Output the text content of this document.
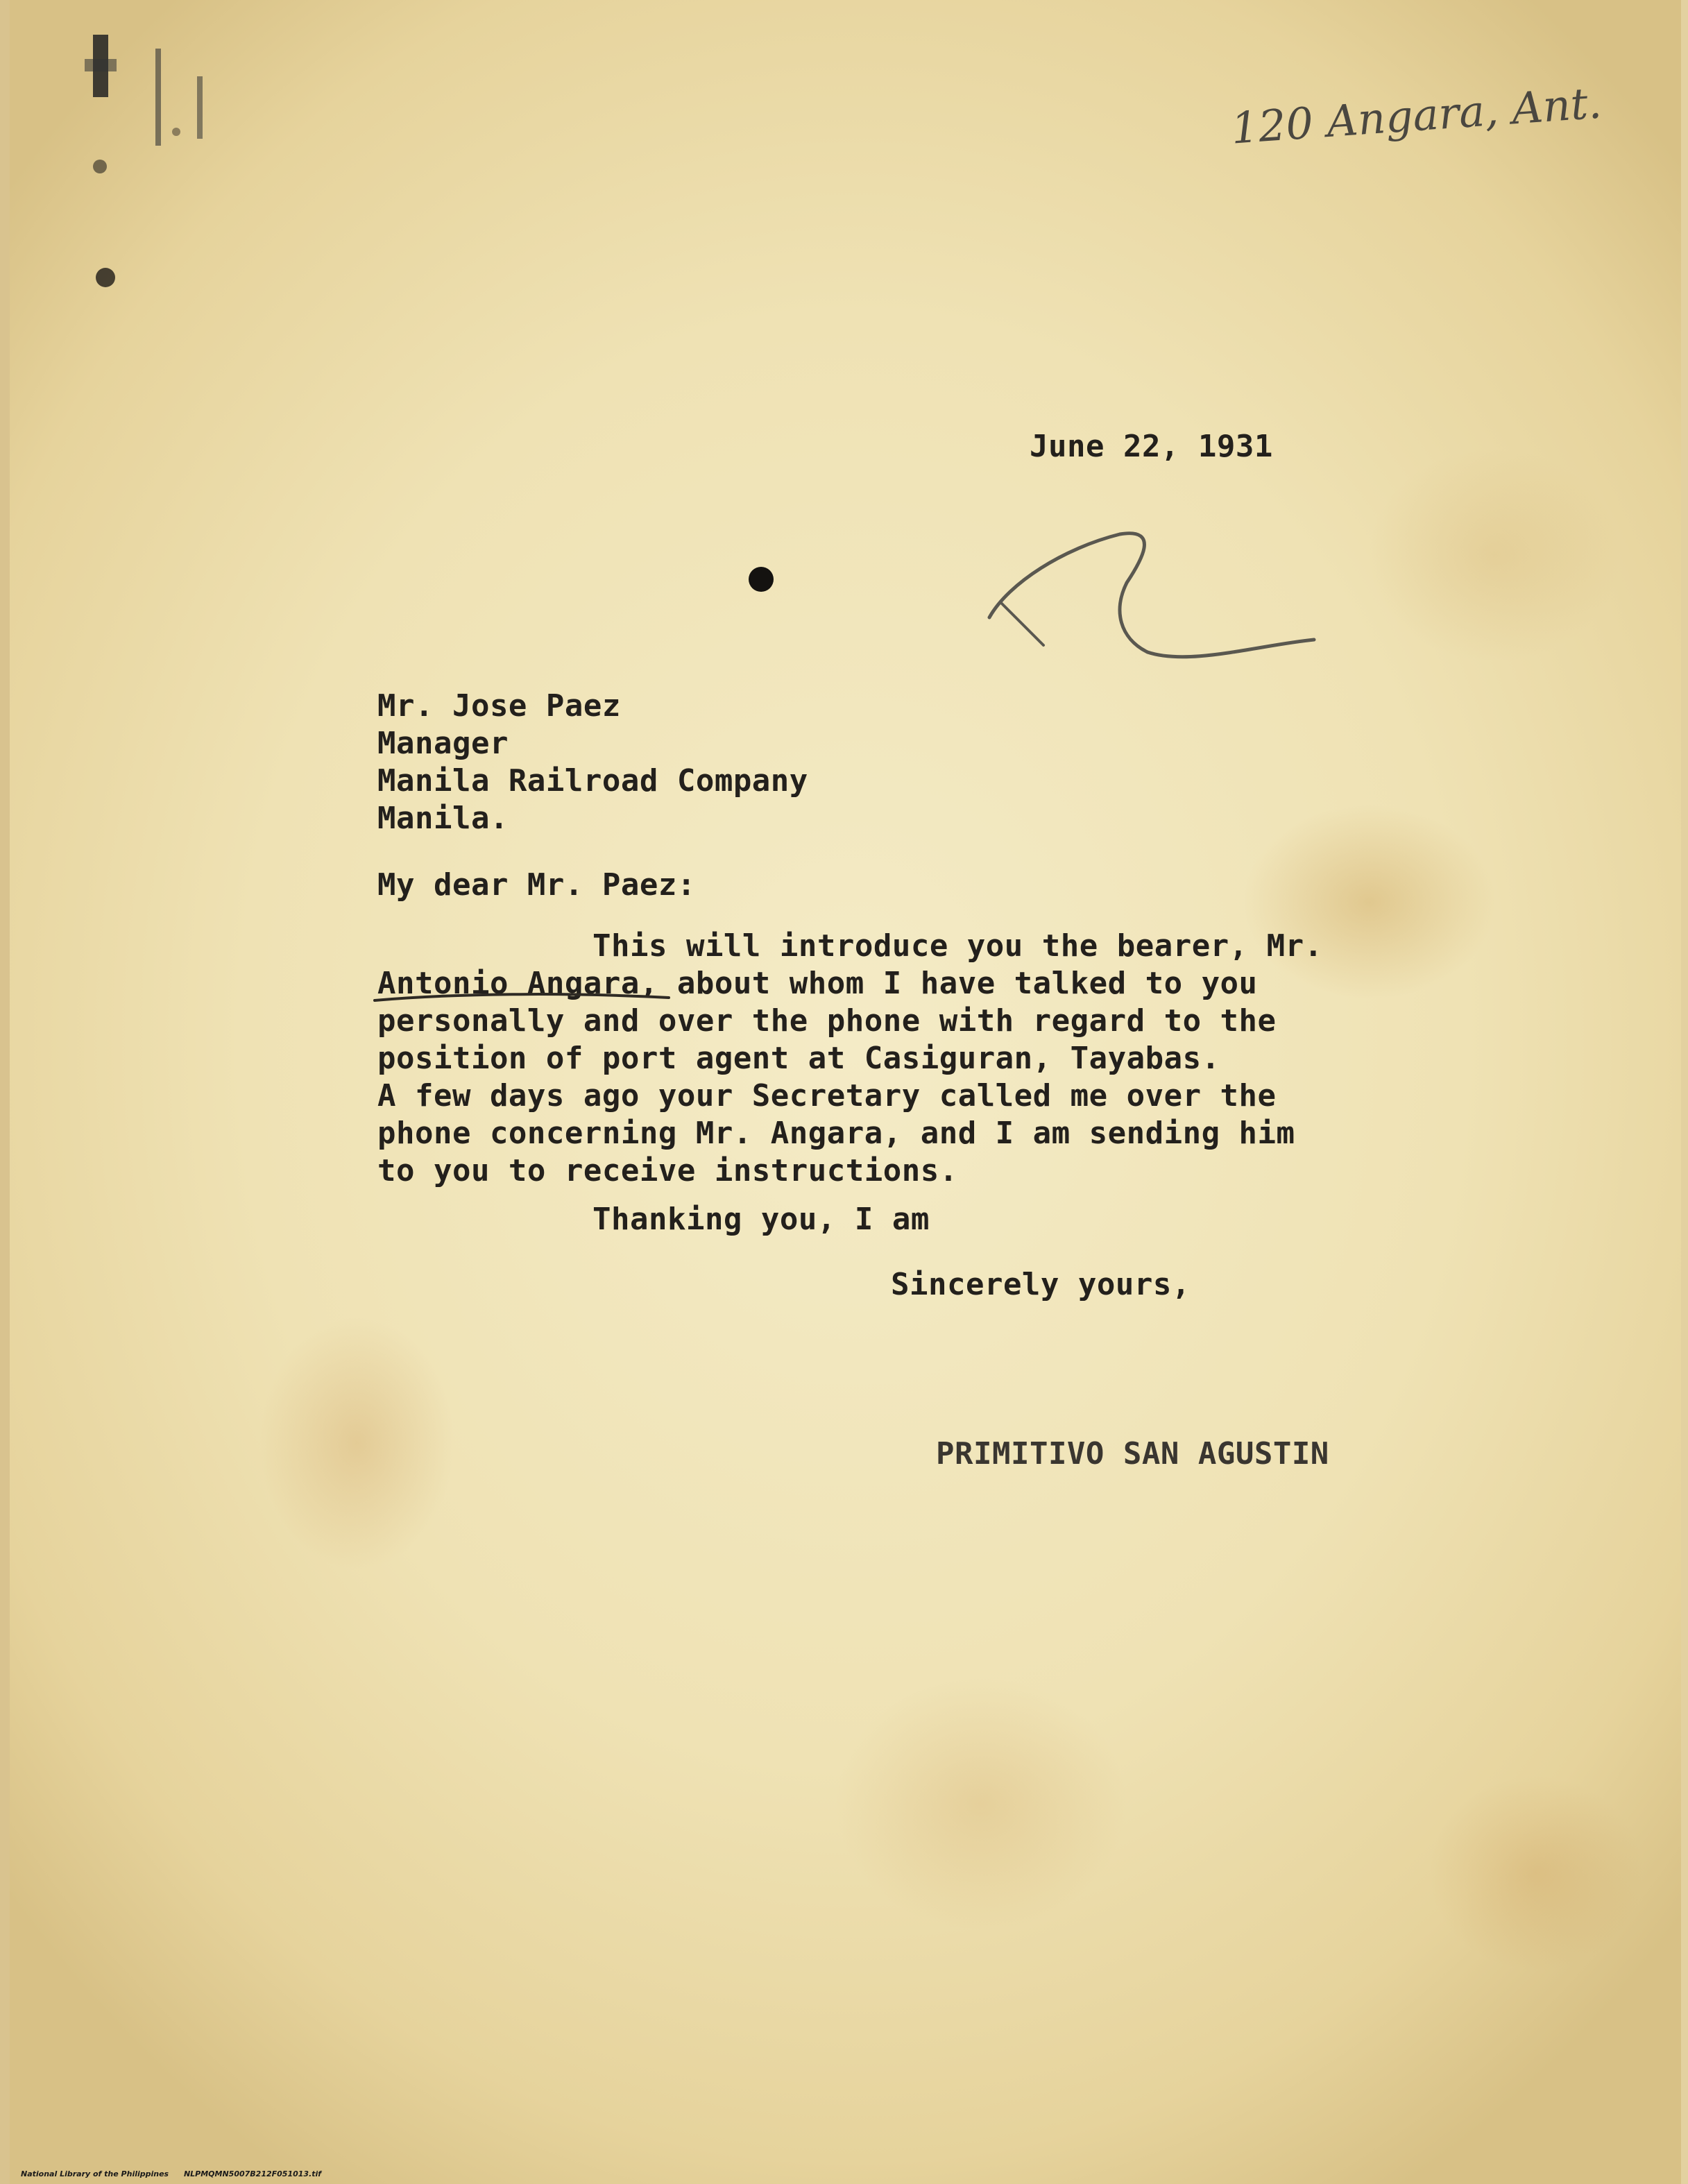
120 Angara, Ant.
June 22, 1931
Mr. Jose Paez
Manager
Manila Railroad Company
Manila.
My dear Mr. Paez:
This will introduce you the bearer, Mr.
Antonio Angara, about whom I have talked to you
personally and over the phone with regard to the
position of port agent at Casiguran, Tayabas.
A few days ago your Secretary called me over the
phone concerning Mr. Angara, and I am sending him
to you to receive instructions.
Thanking you, I am
Sincerely yours,
PRIMITIVO SAN AGUSTIN
National Library of the Philippines NLPMQMN5007B212F051013.tif
